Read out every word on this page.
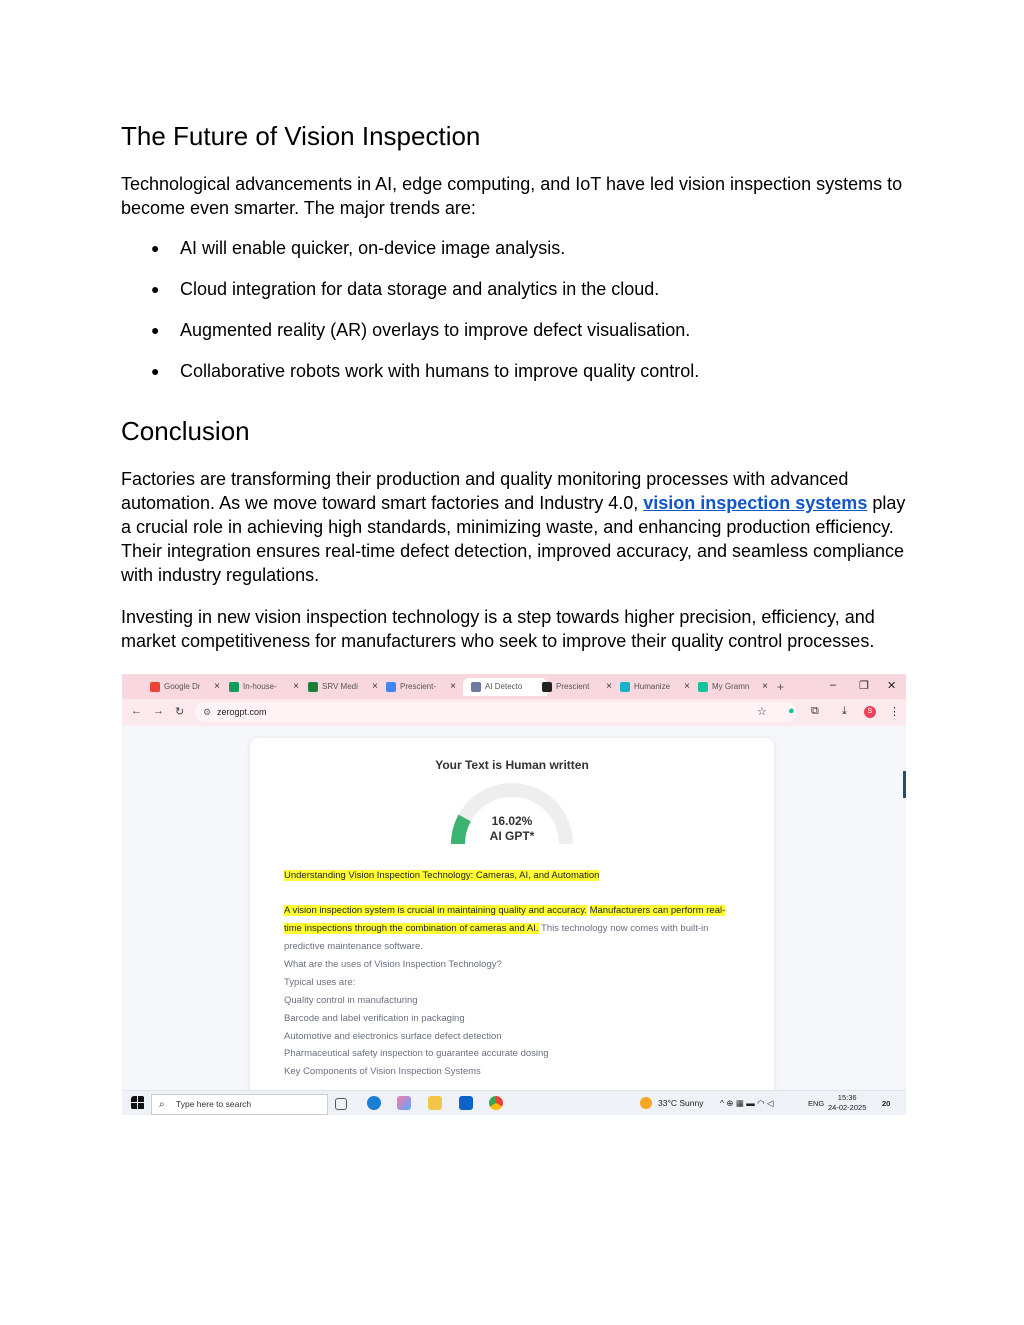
The Future of Vision Inspection

Technological advancements in AI, edge computing, and IoT have led vision inspection systems to become even smarter. The major trends are:

● AI will enable quicker, on-device image analysis.
● Cloud integration for data storage and analytics in the cloud.
● Augmented reality (AR) overlays to improve defect visualisation.
● Collaborative robots work with humans to improve quality control.
Conclusion

Factories are transforming their production and quality monitoring processes with advanced automation. As we move toward smart factories and Industry 4.0, vision inspection systems play a crucial role in achieving high standards, minimizing waste, and enhancing production efficiency. Their integration ensures real-time defect detection, improved accuracy, and seamless compliance with industry regulations.

Investing in new vision inspection technology is a step towards higher precision, efficiency, and market competitiveness for manufacturers who seek to improve their quality control processes.

Google Dr ×	In-house- ×	SRV Medi ×	Prescient- ×	AI Detecto	Prescient ×	Humanize ×	My Gramn × +	– ❐ ✕
← → ↻ ⚙ zerogpt.com	☆ ● ⧉ ⤓	S	⋮
Your Text is Human written
16.02%
AI GPT*
Understanding Vision Inspection Technology: Cameras, AI, and Automation
A vision inspection system is crucial in maintaining quality and accuracy. Manufacturers can perform real-
time inspections through the combination of cameras and AI. This technology now comes with built-in
predictive maintenance software.
What are the uses of Vision Inspection Technology?
Typical uses are:
Quality control in manufacturing
Barcode and label verification in packaging
Automotive and electronics surface defect detection
Pharmaceutical safety inspection to guarantee accurate dosing
Key Components of Vision Inspection Systems
⌕ Type here to search	33°C Sunny ^ ⊕ ▦ ▬ ◠ ◁	ENG
15:36
24-02-2025 20
